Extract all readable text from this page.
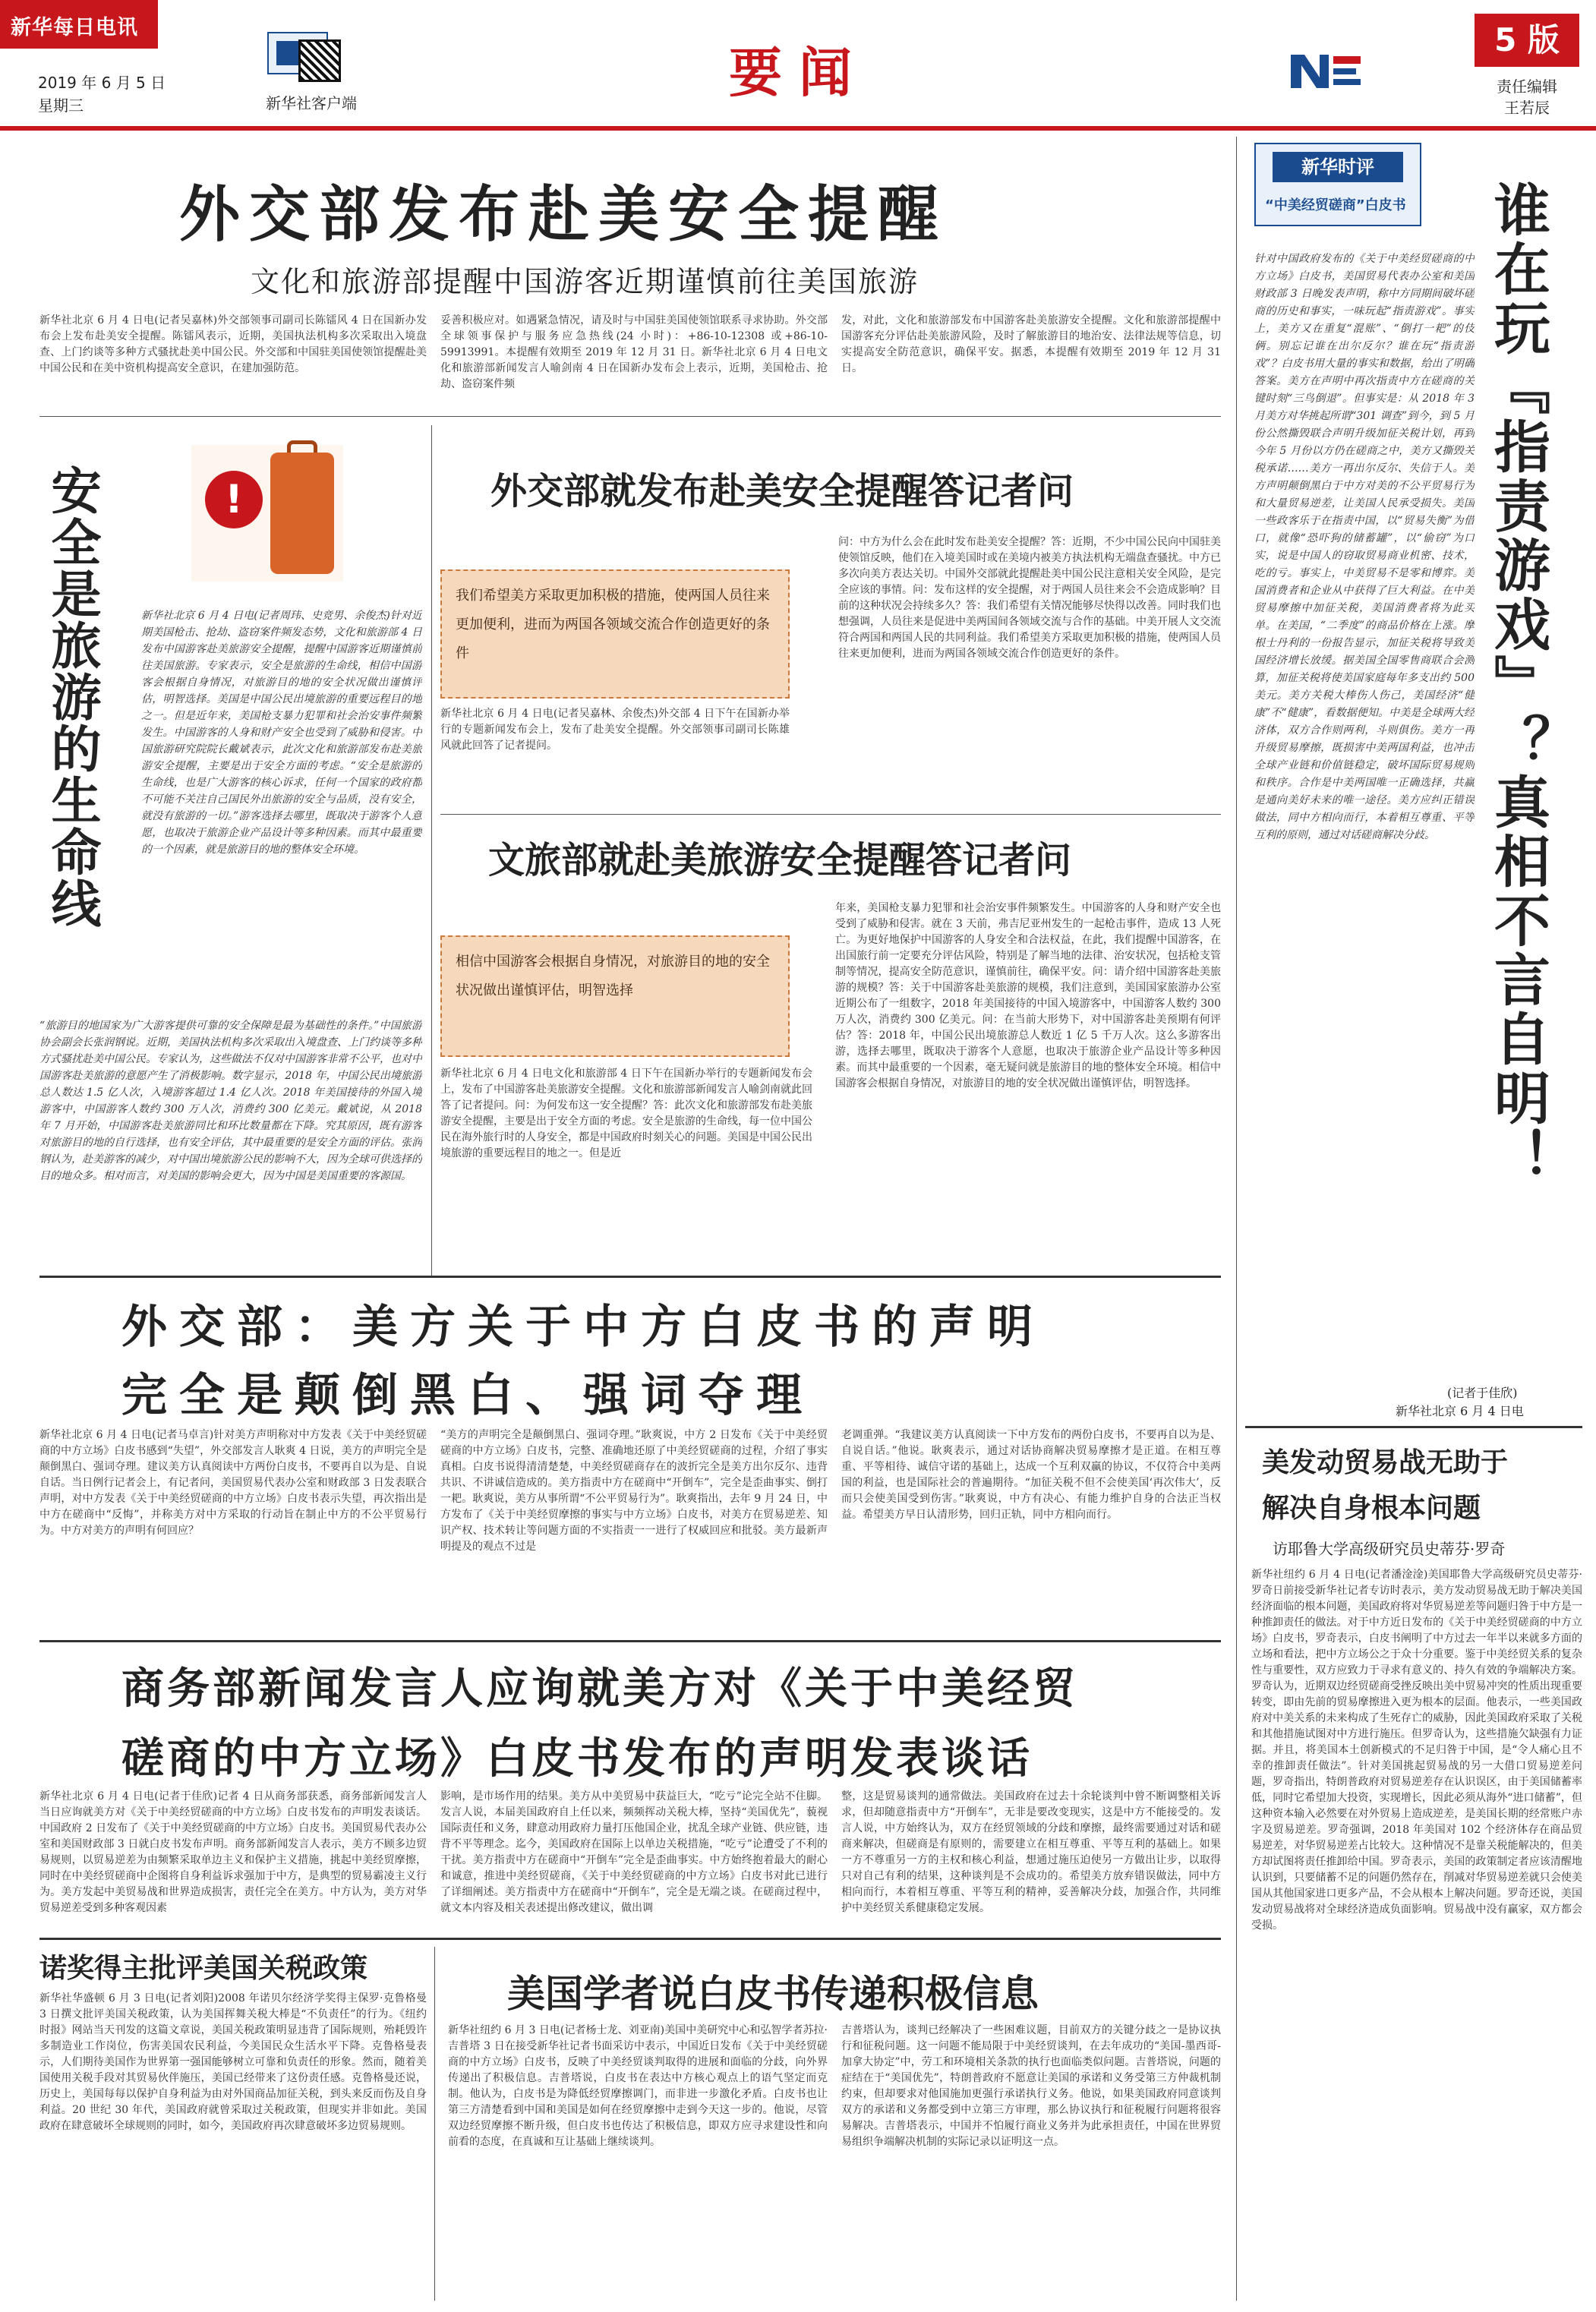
新华每日电讯
2019 年 6 月 5 日
星期三	新华社客户端	要闻
5 版
责任编辑
王若辰
外交部发布赴美安全提醒
文化和旅游部提醒中国游客近期谨慎前往美国旅游
新华社北京 6 月 4 日电(记者吴嘉林)外交部领事司副司长陈镭风 4 日在国新办发布会上发布赴美安全提醒。陈镭风表示，近期，美国执法机构多次采取出入境盘查、上门约谈等多种方式骚扰赴美中国公民。外交部和中国驻美国使领馆提醒赴美中国公民和在美中资机构提高安全意识，在建加强防范。
妥善积极应对。如遇紧急情况，请及时与中国驻美国使领馆联系寻求协助。外交部全球领事保护与服务应急热线(24 小时)：+86-10-12308 或+86-10-59913991。本提醒有效期至 2019 年 12 月 31 日。新华社北京 6 月 4 日电文化和旅游部新闻发言人喻剑南 4 日在国新办发布会上表示，近期，美国枪击、抢劫、盗窃案件频
发，对此，文化和旅游部发布中国游客赴美旅游安全提醒。文化和旅游部提醒中国游客充分评估赴美旅游风险，及时了解旅游目的地治安、法律法规等信息，切实提高安全防范意识，确保平安。据悉，本提醒有效期至 2019 年 12 月 31 日。
安全是旅游的生命线	!
新华社北京 6 月 4 日电(记者周玮、史竞男、余俊杰)针对近期美国枪击、抢劫、盗窃案件频发态势，文化和旅游部 4 日发布中国游客赴美旅游安全提醒，提醒中国游客近期谨慎前往美国旅游。专家表示，安全是旅游的生命线，相信中国游客会根据自身情况，对旅游目的地的安全状况做出谨慎评估，明智选择。美国是中国公民出境旅游的重要远程目的地之一。但是近年来，美国枪支暴力犯罪和社会治安事件频繁发生。中国游客的人身和财产安全也受到了威胁和侵害。中国旅游研究院院长戴斌表示，此次文化和旅游部发布赴美旅游安全提醒，主要是出于安全方面的考虑。“安全是旅游的生命线，也是广大游客的核心诉求，任何一个国家的政府都不可能不关注自己国民外出旅游的安全与品质，没有安全，就没有旅游的一切。”游客选择去哪里，既取决于游客个人意愿，也取决于旅游企业产品设计等多种因素。而其中最重要的一个因素，就是旅游目的地的整体安全环境。
“旅游目的地国家为广大游客提供可靠的安全保障是最为基础性的条件。”中国旅游协会副会长张润钢说。近期，美国执法机构多次采取出入境盘查、上门约谈等多种方式骚扰赴美中国公民。专家认为，这些做法不仅对中国游客非常不公平，也对中国游客赴美旅游的意愿产生了消极影响。数字显示，2018 年，中国公民出境旅游总人数达 1.5 亿人次，入境游客超过 1.4 亿人次。2018 年美国接待的外国入境游客中，中国游客人数约 300 万人次，消费约 300 亿美元。戴斌说，从 2018 年 7 月开始，中国游客赴美旅游同比和环比数量都在下降。究其原因，既有游客对旅游目的地的自行选择，也有安全评估，其中最重要的是安全方面的评估。张润钢认为，赴美游客的减少，对中国出境旅游公民的影响不大，因为全球可供选择的目的地众多。相对而言，对美国的影响会更大，因为中国是美国重要的客源国。
外交部就发布赴美安全提醒答记者问
我们希望美方采取更加积极的措施，使两国人员往来更加便利，进而为两国各领域交流合作创造更好的条件
新华社北京 6 月 4 日电(记者吴嘉林、余俊杰)外交部 4 日下午在国新办举行的专题新闻发布会上，发布了赴美安全提醒。外交部领事司副司长陈雄风就此回答了记者提问。
问：中方为什么会在此时发布赴美安全提醒？答：近期，不少中国公民向中国驻美使领馆反映，他们在入境美国时或在美境内被美方执法机构无端盘查骚扰。中方已多次向美方表达关切。中国外交部就此提醒赴美中国公民注意相关安全风险，是完全应该的事情。问：发布这样的安全提醒，对于两国人员往来会不会造成影响？目前的这种状况会持续多久？答：我们希望有关情况能够尽快得以改善。同时我们也想强调，人员往来是促进中美两国间各领域交流与合作的基础。中美开展人文交流符合两国和两国人民的共同利益。我们希望美方采取更加积极的措施，使两国人员往来更加便利，进而为两国各领域交流合作创造更好的条件。
文旅部就赴美旅游安全提醒答记者问
相信中国游客会根据自身情况，对旅游目的地的安全状况做出谨慎评估，明智选择
新华社北京 6 月 4 日电文化和旅游部 4 日下午在国新办举行的专题新闻发布会上，发布了中国游客赴美旅游安全提醒。文化和旅游部新闻发言人喻剑南就此回答了记者提问。问：为何发布这一安全提醒？答：此次文化和旅游部发布赴美旅游安全提醒，主要是出于安全方面的考虑。安全是旅游的生命线，每一位中国公民在海外旅行时的人身安全，都是中国政府时刻关心的问题。美国是中国公民出境旅游的重要远程目的地之一。但是近
年来，美国枪支暴力犯罪和社会治安事件频繁发生。中国游客的人身和财产安全也受到了威胁和侵害。就在 3 天前，弗吉尼亚州发生的一起枪击事件，造成 13 人死亡。为更好地保护中国游客的人身安全和合法权益，在此，我们提醒中国游客，在出国旅行前一定要充分评估风险，特别是了解当地的法律、治安状况，包括枪支管制等情况，提高安全防范意识，谨慎前往，确保平安。问：请介绍中国游客赴美旅游的规模？答：关于中国游客赴美旅游的规模，我们注意到，美国国家旅游办公室近期公布了一组数字，2018 年美国接待的中国入境游客中，中国游客人数约 300 万人次，消费约 300 亿美元。问：在当前大形势下，对中国游客赴美预期有何评估？答：2018 年，中国公民出境旅游总人数近 1 亿 5 千万人次。这么多游客出游，选择去哪里，既取决于游客个人意愿，也取决于旅游企业产品设计等多种因素。而其中最重要的一个因素，毫无疑问就是旅游目的地的整体安全环境。相信中国游客会根据自身情况，对旅游目的地的安全状况做出谨慎评估，明智选择。
外交部：美方关于中方白皮书的声明
完全是颠倒黑白、强词夺理
新华社北京 6 月 4 日电(记者马卓言)针对美方声明称对中方发表《关于中美经贸磋商的中方立场》白皮书感到“失望”，外交部发言人耿爽 4 日说，美方的声明完全是颠倒黑白、强词夺理。建议美方认真阅读中方两份白皮书，不要再自以为是、自说自话。当日例行记者会上，有记者问，美国贸易代表办公室和财政部 3 日发表联合声明，对中方发表《关于中美经贸磋商的中方立场》白皮书表示失望，再次指出是中方在磋商中“反悔”，并称美方对中方采取的行动旨在制止中方的不公平贸易行为。中方对美方的声明有何回应？
“美方的声明完全是颠倒黑白、强词夺理。”耿爽说，中方 2 日发布《关于中美经贸磋商的中方立场》白皮书，完整、准确地还原了中美经贸磋商的过程，介绍了事实真相。白皮书说得清清楚楚，中美经贸磋商存在的波折完全是美方出尔反尔、违背共识、不讲诚信造成的。美方指责中方在磋商中“开倒车”，完全是歪曲事实、倒打一耙。耿爽说，美方从事所谓“不公平贸易行为”。耿爽指出，去年 9 月 24 日，中方发布了《关于中美经贸摩擦的事实与中方立场》白皮书，对美方在贸易逆差、知识产权、技术转让等问题方面的不实指责一一进行了权威回应和批驳。美方最新声明提及的观点不过是
老调重弹。“我建议美方认真阅读一下中方发布的两份白皮书，不要再自以为是、自说自话。”他说。耿爽表示，通过对话协商解决贸易摩擦才是正道。在相互尊重、平等相待、诚信守诺的基础上，达成一个互利双赢的协议，不仅符合中美两国的利益，也是国际社会的普遍期待。“加征关税不但不会使美国‘再次伟大’，反而只会使美国受到伤害。”耿爽说，中方有决心、有能力维护自身的合法正当权益。希望美方早日认清形势，回归正轨，同中方相向而行。
商务部新闻发言人应询就美方对《关于中美经贸
磋商的中方立场》白皮书发布的声明发表谈话
新华社北京 6 月 4 日电(记者于佳欣)记者 4 日从商务部获悉，商务部新闻发言人当日应询就美方对《关于中美经贸磋商的中方立场》白皮书发布的声明发表谈话。中国政府 2 日发布了《关于中美经贸磋商的中方立场》白皮书。美国贸易代表办公室和美国财政部 3 日就白皮书发布声明。商务部新闻发言人表示，美方不顾多边贸易规则，以贸易逆差为由频繁采取单边主义和保护主义措施，挑起中美经贸摩擦，同时在中美经贸磋商中企图将自身利益诉求强加于中方，是典型的贸易霸凌主义行为。美方发起中美贸易战和世界造成损害，责任完全在美方。中方认为，美方对华贸易逆差受到多种客观因素
影响，是市场作用的结果。美方从中美贸易中获益巨大，“吃亏”论完全站不住脚。发言人说，本届美国政府自上任以来，频频挥动关税大棒，坚持“美国优先”，藐视国际责任和义务，肆意动用政府力量打压他国企业，扰乱全球产业链、供应链，违背不平等理念。迄今，美国政府在国际上以单边关税措施，“吃亏”论遭受了不利的干扰。美方指责中方在磋商中“开倒车”完全是歪曲事实。中方始终抱着最大的耐心和诚意，推进中美经贸磋商，《关于中美经贸磋商的中方立场》白皮书对此已进行了详细阐述。美方指责中方在磋商中“开倒车”，完全是无端之谈。在磋商过程中，就文本内容及相关表述提出修改建议，做出调
整，这是贸易谈判的通常做法。美国政府在过去十余轮谈判中曾不断调整相关诉求，但却随意指责中方“开倒车”，无非是要改变现实，这是中方不能接受的。发言人说，中方始终认为，双方在经贸领域的分歧和摩擦，最终需要通过对话和磋商来解决，但磋商是有原则的，需要建立在相互尊重、平等互利的基础上。如果一方不尊重另一方的主权和核心利益，想通过施压迫使另一方做出让步，以取得只对自己有利的结果，这种谈判是不会成功的。希望美方放弃错误做法，同中方相向而行，本着相互尊重、平等互利的精神，妥善解决分歧，加强合作，共同维护中美经贸关系健康稳定发展。
诺奖得主批评美国关税政策
新华社华盛顿 6 月 3 日电(记者刘阳)2008 年诺贝尔经济学奖得主保罗·克鲁格曼 3 日撰文批评美国关税政策，认为美国挥舞关税大棒是“不负责任”的行为。《纽约时报》网站当天刊发的这篇文章说，美国关税政策明显违背了国际规则，殆耗毁许多制造业工作岗位，伤害美国农民利益，今美国民众生活水平下降。克鲁格曼表示，人们期待美国作为世界第一强国能够树立可靠和负责任的形象。然而，随着美国使用关税手段对其贸易伙伴施压，美国已经带来了这份责任感。克鲁格曼还说，历史上，美国每每以保护自身利益为由对外国商品加征关税，到头来反而伤及自身利益。20 世纪 30 年代，美国政府就曾采取过关税政策，但现实并非如此。美国政府在肆意破坏全球规则的同时，如今，美国政府再次肆意破坏多边贸易规则。
美国学者说白皮书传递积极信息
新华社纽约 6 月 3 日电(记者杨士龙、刘亚南)美国中美研究中心和弘智学者苏拉·吉普塔 3 日在接受新华社记者书面采访中表示，中国近日发布《关于中美经贸磋商的中方立场》白皮书，反映了中美经贸谈判取得的进展和面临的分歧，向外界传递出了积极信息。吉普塔说，白皮书在表达中方核心观点上的语气坚定而克制。他认为，白皮书是为降低经贸摩擦调门，而非进一步激化矛盾。白皮书也让第三方清楚看到中国和美国是如何在经贸摩擦中走到今天这一步的。他说，尽管双边经贸摩擦不断升级，但白皮书也传达了积极信息，即双方应寻求建设性和向前看的态度，在真诚和互让基础上继续谈判。
吉普塔认为，谈判已经解决了一些困难议题，目前双方的关键分歧之一是协议执行和征税问题。这一问题不能局限于中美经贸谈判，在去年成功的“美国-墨西哥-加拿大协定”中，劳工和环境相关条款的执行也面临类似问题。吉普塔说，问题的症结在于“美国优先”，特朗普政府不愿意让美国的承诺和义务受第三方仲裁机制约束，但却要求对他国施加更强行承诺执行义务。他说，如果美国政府同意谈判双方的承诺和义务都受到中立第三方审理，那么协议执行和征税履行问题将很容易解决。吉普塔表示，中国并不怕履行商业义务并为此承担责任，中国在世界贸易组织争端解决机制的实际记录以证明这一点。
新华时评
“中美经贸磋商”白皮书 谁在玩『指责游戏』？真相不言自明！
针对中国政府发布的《关于中美经贸磋商的中方立场》白皮书，美国贸易代表办公室和美国财政部 3 日晚发表声明，称中方同期间破坏磋商的历史和事实，一味玩起“指责游戏”。事实上，美方又在重复“混账”、“倒打一耙”的伎俩。别忘记谁在出尔反尔？谁在玩“指责游戏”？白皮书用大量的事实和数据，给出了明确答案。美方在声明中再次指责中方在磋商的关键时刻“三鸟倒退”。但事实是：从 2018 年 3 月美方对华挑起所谓“301 调查”到今，到 5 月份公然撕毁联合声明升级加征关税计划，再到今年 5 月份以方仍在磋商之中，美方又撕毁关税承诺……美方一再出尔反尔、失信于人。美方声明颠倒黑白于中方对美的不公平贸易行为和大量贸易逆差，让美国人民承受损失。美国一些政客乐于在指责中国，以“贸易失衡”为借口，就像“恐吓狗的储蓄罐”，以“偷窃”为口实，说是中国人的窃取贸易商业机密、技术，吃的亏。事实上，中美贸易不是零和博弈。美国消费者和企业从中获得了巨大利益。在中美贸易摩擦中加征关税，美国消费者将为此买单。在美国，“二季度”的商品价格在上涨。摩根士丹利的一份报告显示，加征关税将导致美国经济增长放缓。据美国全国零售商联合会测算，加征关税将使美国家庭每年多支出约 500 美元。美方关税大棒伤人伤己，美国经济“健康”不“健康”，看数据便知。中美是全球两大经济体，双方合作则两利，斗则俱伤。美方一再升级贸易摩擦，既损害中美两国利益，也冲击全球产业链和价值链稳定，破坏国际贸易规则和秩序。合作是中美两国唯一正确选择，共赢是通向美好未来的唯一途径。美方应纠正错误做法，同中方相向而行，本着相互尊重、平等互利的原则，通过对话磋商解决分歧。
(记者于佳欣)
新华社北京 6 月 4 日电
美发动贸易战无助于
解决自身根本问题
访耶鲁大学高级研究员史蒂芬·罗奇
新华社纽约 6 月 4 日电(记者潘淦淦)美国耶鲁大学高级研究员史蒂芬·罗奇日前接受新华社记者专访时表示，美方发动贸易战无助于解决美国经济面临的根本问题，美国政府将对华贸易逆差等问题归咎于中方是一种推卸责任的做法。对于中方近日发布的《关于中美经贸磋商的中方立场》白皮书，罗奇表示，白皮书阐明了中方过去一年半以来就多方面的立场和看法，把中方立场公之于众十分重要。鉴于中美经贸关系的复杂性与重要性，双方应致力于寻求有意义的、持久有效的争端解决方案。罗奇认为，近期双边经贸磋商受挫反映出美中贸易冲突的性质出现重要转变，即由先前的贸易摩擦进入更为根本的层面。他表示，一些美国政府对中美关系的未来构成了生死存亡的威胁，因此美国政府采取了关税和其他措施试图对中方进行施压。但罗奇认为，这些措施欠缺强有力证据。并且，将美国本土创新模式的不足归咎于中国，是“令人痛心且不幸的推卸责任做法”。针对美国挑起贸易战的另一大借口贸易逆差问题，罗奇指出，特朗普政府对贸易逆差存在认识误区，由于美国储蓄率低，同时它希望加大投资，实现增长，因此必须从海外“进口储蓄”，但这种资本输入必然要在对外贸易上造成逆差，是美国长期的经常账户赤字及贸易逆差。罗奇强调，2018 年美国对 102 个经济体存在商品贸易逆差，对华贸易逆差占比较大。这种情况不是靠关税能解决的，但美方却试图将责任推卸给中国。罗奇表示，美国的政策制定者应该清醒地认识到，只要储蓄不足的问题仍然存在，削减对华贸易逆差就只会使美国从其他国家进口更多产品，不会从根本上解决问题。罗奇还说，美国发动贸易战将对全球经济造成负面影响。贸易战中没有赢家，双方都会受损。
